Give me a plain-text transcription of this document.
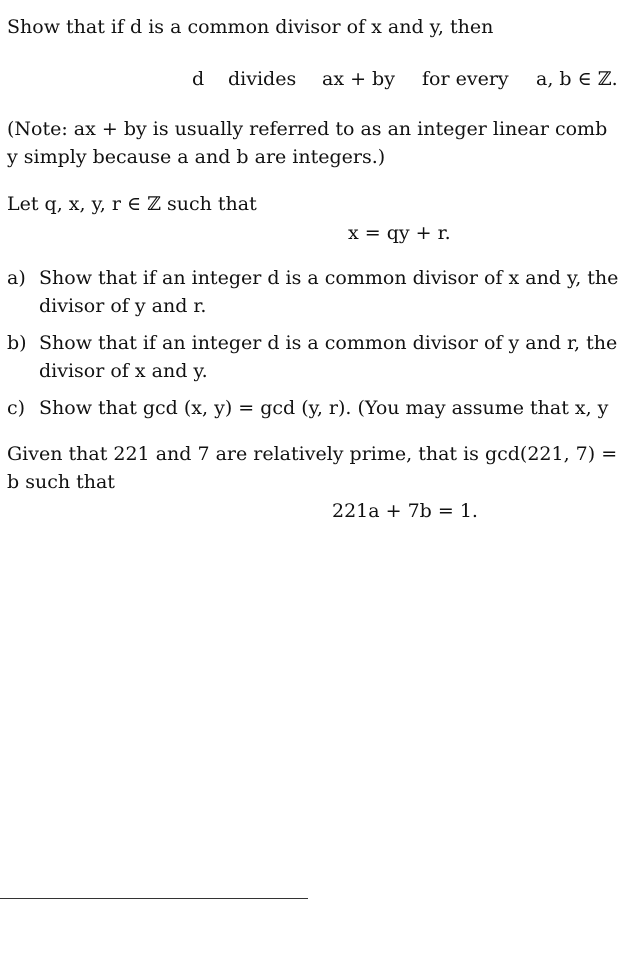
Show that if d is a common divisor of x and y, then
d divides ax + by for every a, b ∈ ℤ.
(Note: ax + by is usually referred to as an integer linear comb
y simply because a and b are integers.)
Let q, x, y, r ∈ ℤ such that
x = qy + r.
a) Show that if an integer d is a common divisor of x and y, the
divisor of y and r.
b) Show that if an integer d is a common divisor of y and r, the
divisor of x and y.
c) Show that gcd (x, y) = gcd (y, r). (You may assume that x, y
Given that 221 and 7 are relatively prime, that is gcd(221, 7) =
b such that
221a + 7b = 1.
